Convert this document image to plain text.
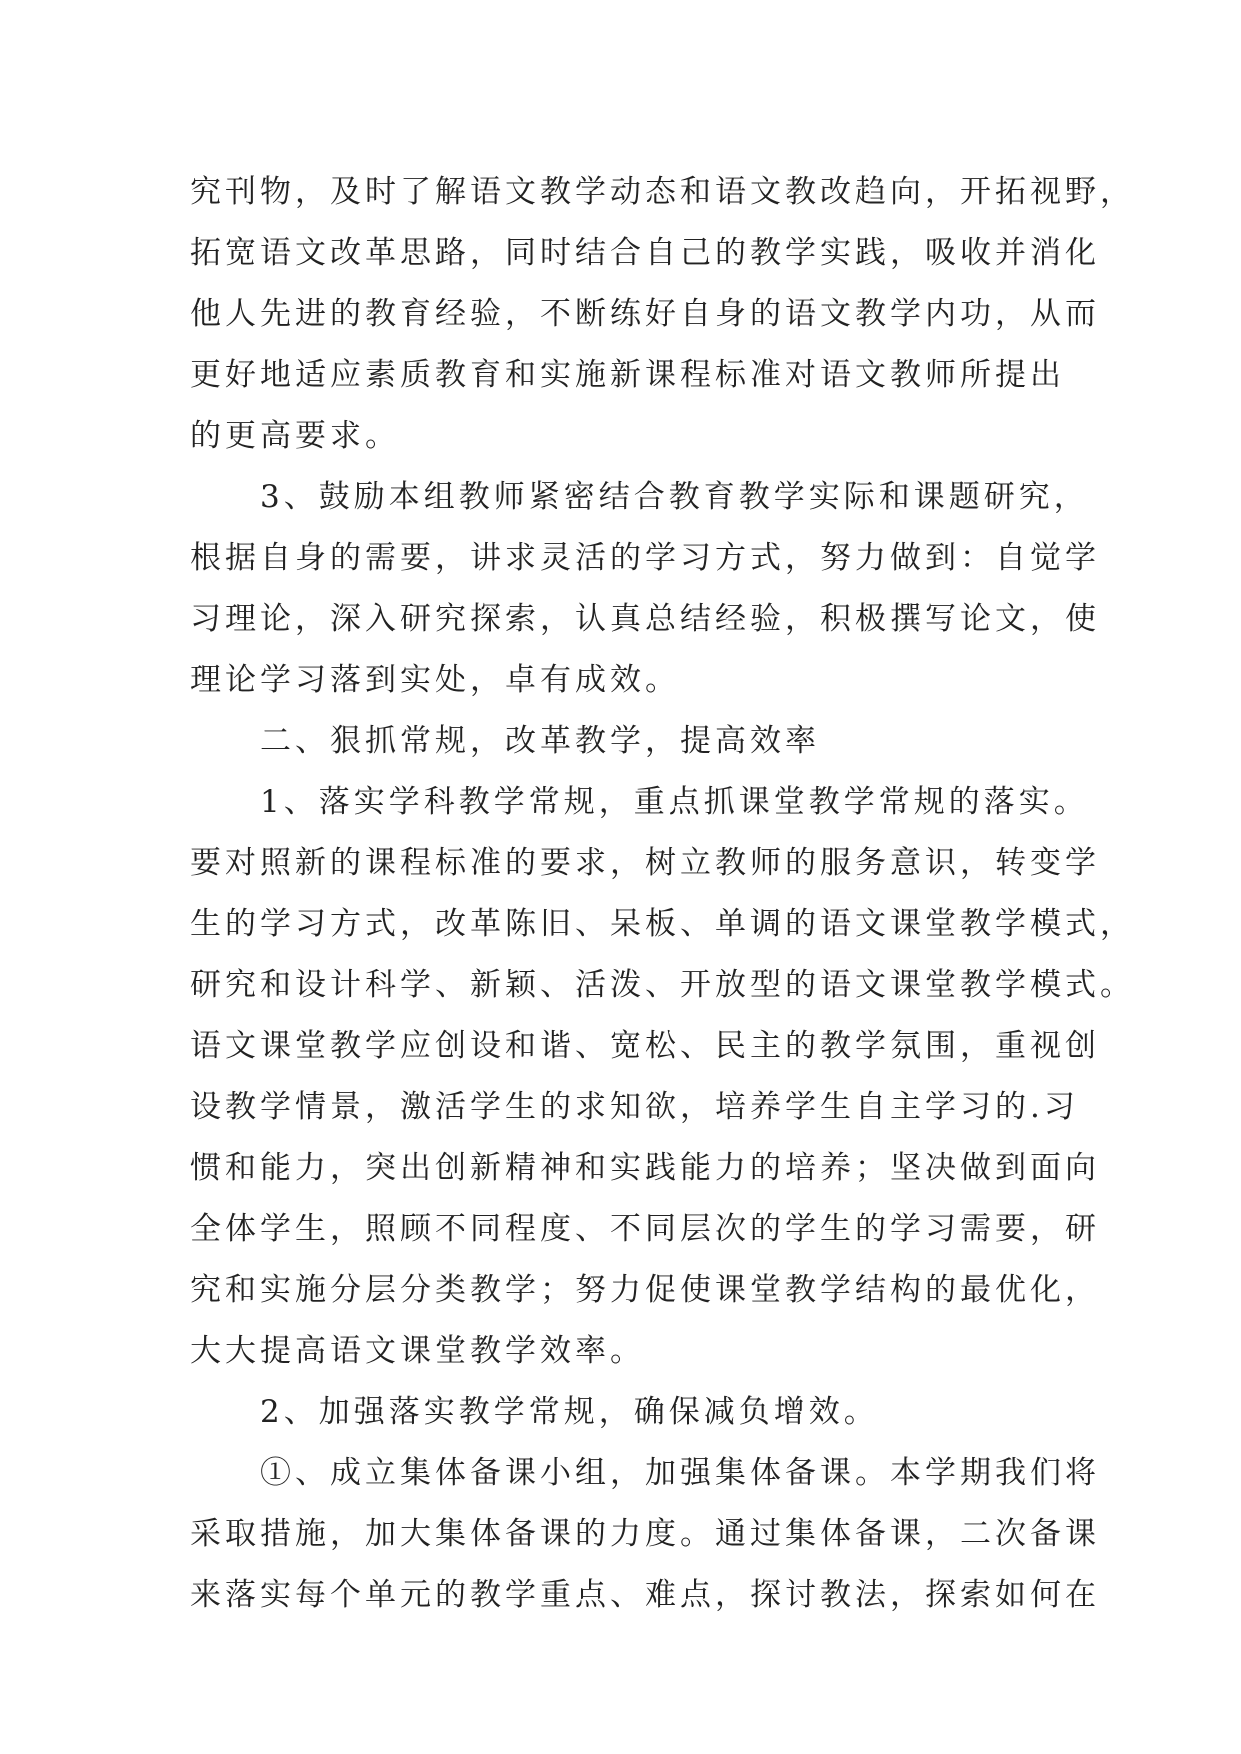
究刊物，及时了解语文教学动态和语文教改趋向，开拓视野，
拓宽语文改革思路，同时结合自己的教学实践，吸收并消化
他人先进的教育经验，不断练好自身的语文教学内功，从而
更好地适应素质教育和实施新课程标准对语文教师所提出
的更高要求。
　　3、鼓励本组教师紧密结合教育教学实际和课题研究，
根据自身的需要，讲求灵活的学习方式，努力做到：自觉学
习理论，深入研究探索，认真总结经验，积极撰写论文，使
理论学习落到实处，卓有成效。
　　二、狠抓常规，改革教学，提高效率
　　1、落实学科教学常规，重点抓课堂教学常规的落实。
要对照新的课程标准的要求，树立教师的服务意识，转变学
生的学习方式，改革陈旧、呆板、单调的语文课堂教学模式，
研究和设计科学、新颖、活泼、开放型的语文课堂教学模式。
语文课堂教学应创设和谐、宽松、民主的教学氛围，重视创
设教学情景，激活学生的求知欲，培养学生自主学习的.习
惯和能力，突出创新精神和实践能力的培养；坚决做到面向
全体学生，照顾不同程度、不同层次的学生的学习需要，研
究和实施分层分类教学；努力促使课堂教学结构的最优化，
大大提高语文课堂教学效率。
　　2、加强落实教学常规，确保减负增效。
　　①、成立集体备课小组，加强集体备课。本学期我们将
采取措施，加大集体备课的力度。通过集体备课，二次备课
来落实每个单元的教学重点、难点，探讨教法，探索如何在
